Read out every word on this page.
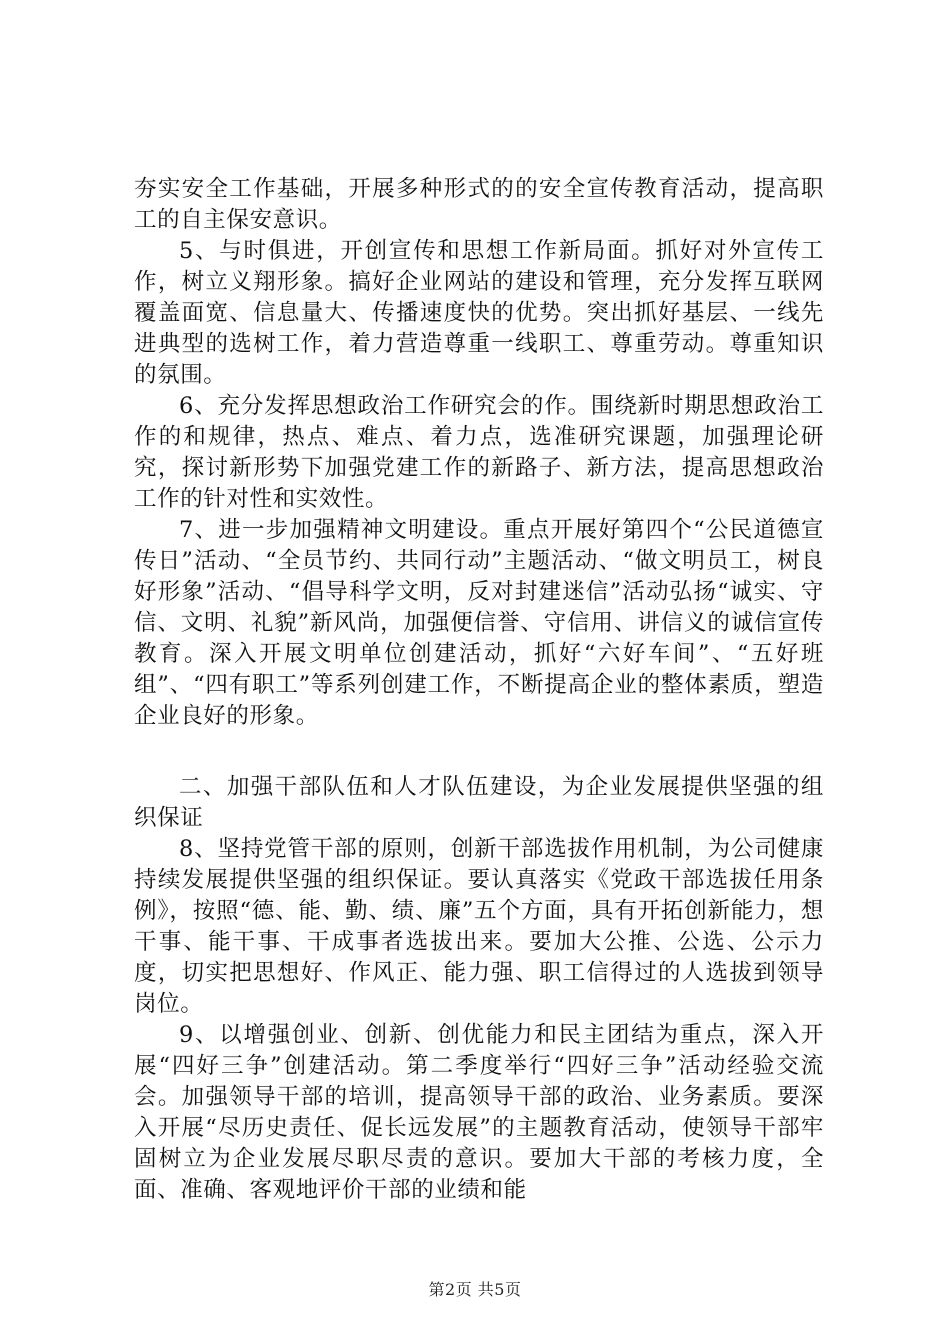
夯实安全工作基础，开展多种形式的的安全宣传教育活动，提高职工的自主保安意识。

5、与时俱进，开创宣传和思想工作新局面。抓好对外宣传工作，树立义翔形象。搞好企业网站的建设和管理，充分发挥互联网覆盖面宽、信息量大、传播速度快的优势。突出抓好基层、一线先进典型的选树工作，着力营造尊重一线职工、尊重劳动。尊重知识的氛围。

6、充分发挥思想政治工作研究会的作。围绕新时期思想政治工作的和规律，热点、难点、着力点，选准研究课题，加强理论研究，探讨新形势下加强党建工作的新路子、新方法，提高思想政治工作的针对性和实效性。

7、进一步加强精神文明建设。重点开展好第四个“公民道德宣传日”活动、“全员节约、共同行动”主题活动、“做文明员工，树良好形象”活动、“倡导科学文明，反对封建迷信”活动弘扬“诚实、守信、文明、礼貌”新风尚，加强便信誉、守信用、讲信义的诚信宣传教育。深入开展文明单位创建活动，抓好“六好车间”、“五好班组”、“四有职工”等系列创建工作，不断提高企业的整体素质，塑造企业良好的形象。

二、加强干部队伍和人才队伍建设，为企业发展提供坚强的组织保证

8、坚持党管干部的原则，创新干部选拔作用机制，为公司健康持续发展提供坚强的组织保证。要认真落实《党政干部选拔任用条例》，按照“德、能、勤、绩、廉”五个方面，具有开拓创新能力，想干事、能干事、干成事者选拔出来。要加大公推、公选、公示力度，切实把思想好、作风正、能力强、职工信得过的人选拔到领导岗位。

9、以增强创业、创新、创优能力和民主团结为重点，深入开展“四好三争”创建活动。第二季度举行“四好三争”活动经验交流会。加强领导干部的培训，提高领导干部的政治、业务素质。要深入开展“尽历史责任、促长远发展”的主题教育活动，使领导干部牢固树立为企业发展尽职尽责的意识。要加大干部的考核力度，全面、准确、客观地评价干部的业绩和能

第2页 共5页
